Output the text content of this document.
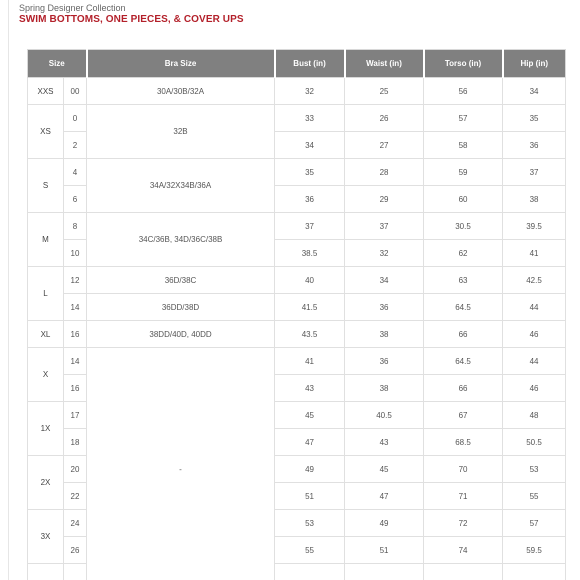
Spring Designer Collection
SWIM BOTTOMS, ONE PIECES, & COVER UPS
Size		Bra Size	Bust (in)	Waist (in)	Torso (in)	Hip (in)
XXS	00	30A/30B/32A	32	25	56	34
XS	0	32B	33	26	57	35
	2		34	27	58	36
S	4	34A/32X34B/36A	35	28	59	37
	6		36	29	60	38
M	8	34C/36B, 34D/36C/38B	37	37	30.5	39.5
	10		38.5	32	62	41
L	12	36D/38C	40	34	63	42.5
	14	36DD/38D	41.5	36	64.5	44
XL	16	38DD/40D, 40DD	43.5	38	66	46
X	14	-	41	36	64.5	44
	16		43	38	66	46
1X	17		45	40.5	67	48
	18		47	43	68.5	50.5
2X	20		49	45	70	53
	22		51	47	71	55
3X	24		53	49	72	57
	26		55	51	74	59.5
